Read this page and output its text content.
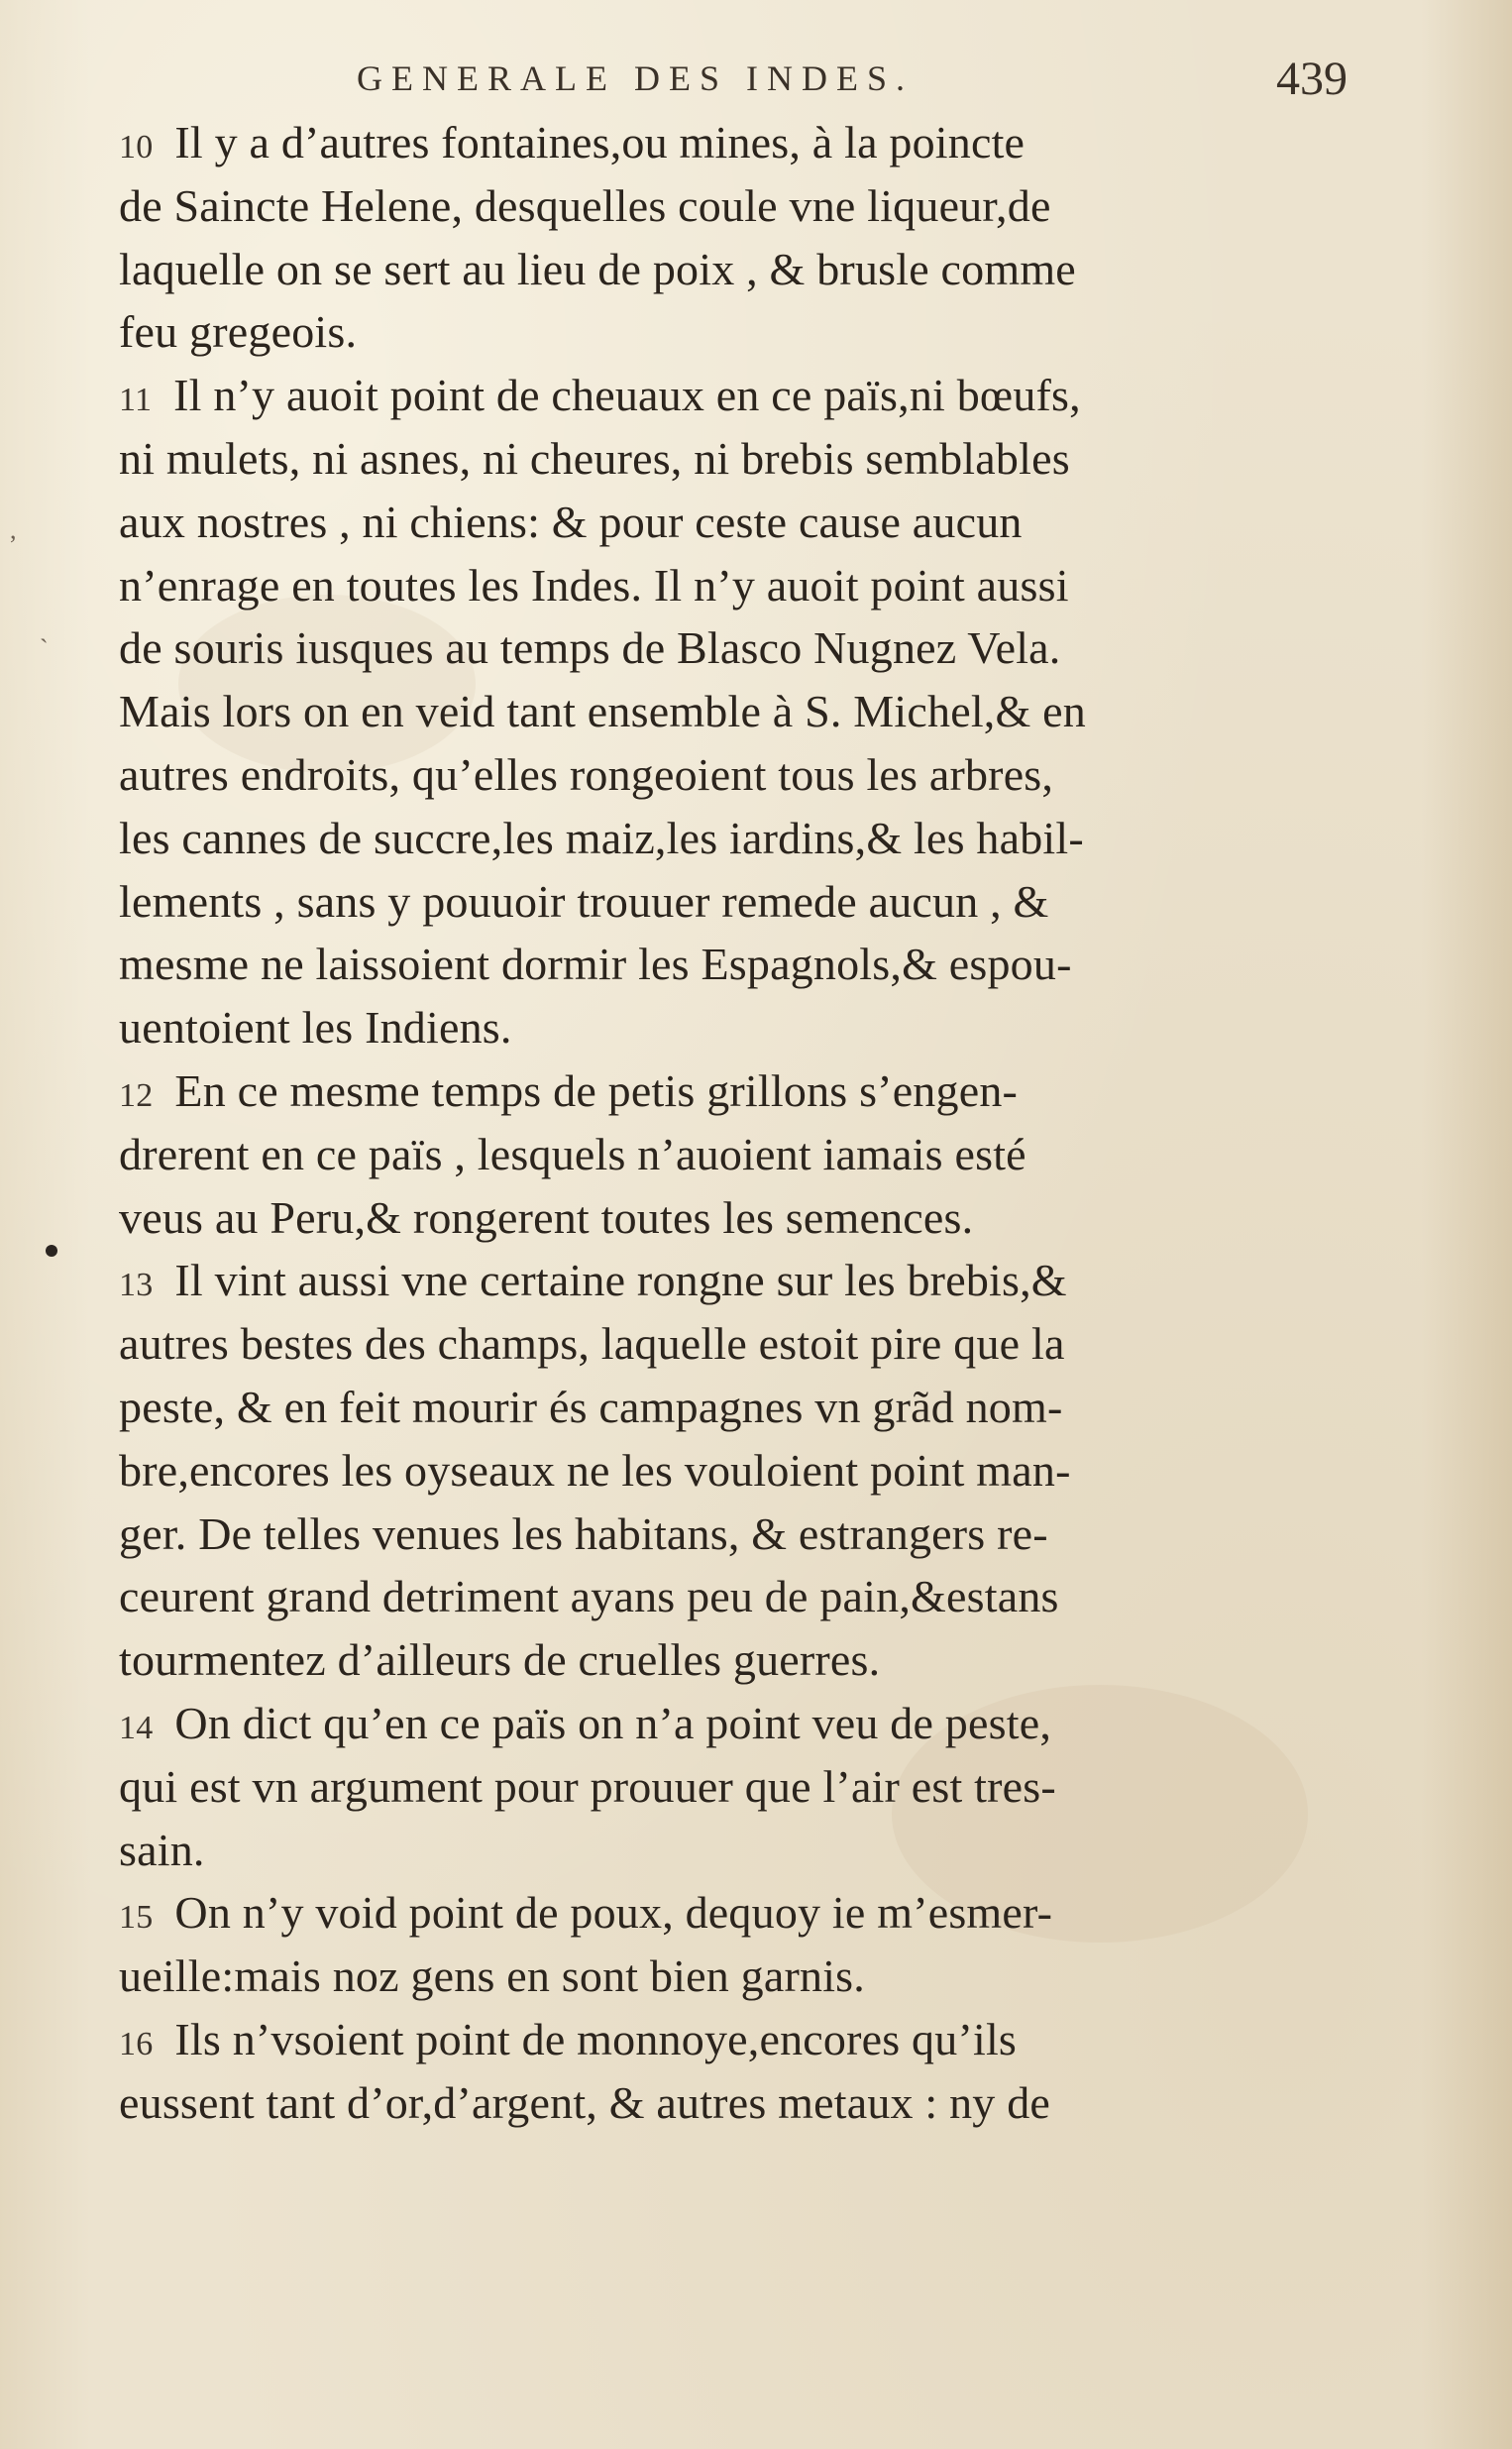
GENERALE DES INDES.	439
,
`
10 Il y a d’autres fontaines,ou mines, à la poincte
de Saincte Helene, desquelles coule vne liqueur,de
laquelle on se sert au lieu de poix , & brusle comme
feu gregeois.
11 Il n’y auoit point de cheuaux en ce païs,ni bœufs,
ni mulets, ni asnes, ni cheures, ni brebis semblables
aux nostres , ni chiens: & pour ceste cause aucun
n’enrage en toutes les Indes. Il n’y auoit point aussi
de souris iusques au temps de Blasco Nugnez Vela.
Mais lors on en veid tant ensemble à S. Michel,& en
autres endroits, qu’elles rongeoient tous les arbres,
les cannes de succre,les maiz,les iardins,& les habil-
lements , sans y pouuoir trouuer remede aucun , &
mesme ne laissoient dormir les Espagnols,& espou-
uentoient les Indiens.
12 En ce mesme temps de petis grillons s’engen-
drerent en ce païs , lesquels n’auoient iamais esté
veus au Peru,& rongerent toutes les semences.
13 Il vint aussi vne certaine rongne sur les brebis,&
autres bestes des champs, laquelle estoit pire que la
peste, & en feit mourir és campagnes vn grãd nom-
bre,encores les oyseaux ne les vouloient point man-
ger. De telles venues les habitans, & estrangers re-
ceurent grand detriment ayans peu de pain,&estans
tourmentez d’ailleurs de cruelles guerres.
14 On dict qu’en ce païs on n’a point veu de peste,
qui est vn argument pour prouuer que l’air est tres-
sain.
15 On n’y void point de poux, dequoy ie m’esmer-
ueille:mais noz gens en sont bien garnis.
16 Ils n’vsoient point de monnoye,encores qu’ils
eussent tant d’or,d’argent, & autres metaux : ny de
